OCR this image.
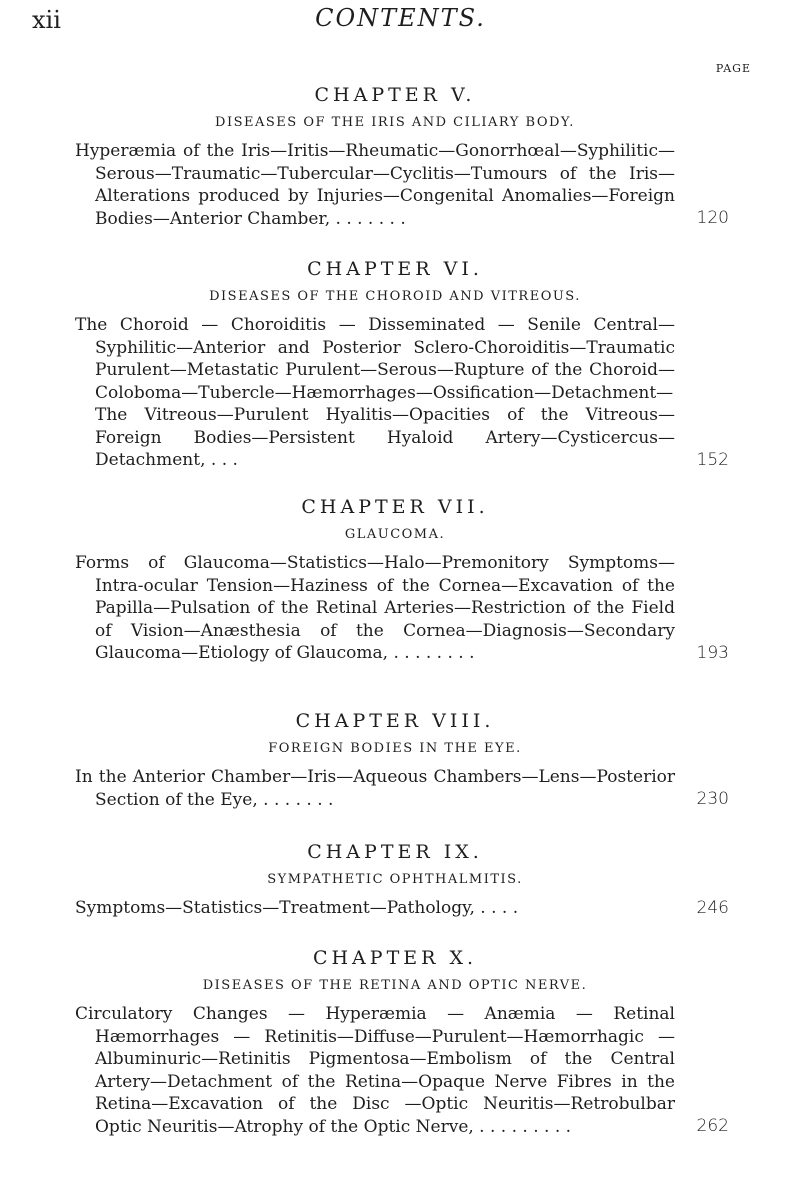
xii	CONTENTS.
PAGE
CHAPTER V.
DISEASES OF THE IRIS AND CILIARY BODY.
Hyperæmia of the Iris—Iritis—Rheumatic—Gonorrhœal—Syphilitic—Serous—Traumatic—Tubercular—Cyclitis—Tumours of the Iris—Alterations produced by Injuries—Congenital Anomalies—Foreign Bodies—Anterior Chamber, . . . . . . .	120
CHAPTER VI.
DISEASES OF THE CHOROID AND VITREOUS.
The Choroid — Choroiditis — Disseminated — Senile Central—Syphilitic—Anterior and Posterior Sclero-Choroiditis—Traumatic Purulent—Metastatic Purulent—Serous—Rupture of the Choroid—Coloboma—Tubercle—Hæmorrhages—Ossification—Detachment—The Vitreous—Purulent Hyalitis—Opacities of the Vitreous—Foreign Bodies—Persistent Hyaloid Artery—Cysticercus—Detachment, . . .	152
CHAPTER VII.
GLAUCOMA.
Forms of Glaucoma—Statistics—Halo—Premonitory Symptoms—Intra-ocular Tension—Haziness of the Cornea—Excavation of the Papilla—Pulsation of the Retinal Arteries—Restriction of the Field of Vision—Anæsthesia of the Cornea—Diagnosis—Secondary Glaucoma—Etiology of Glaucoma, . . . . . . . .	193
CHAPTER VIII.
FOREIGN BODIES IN THE EYE.
In the Anterior Chamber—Iris—Aqueous Chambers—Lens—Posterior Section of the Eye, . . . . . . .	230
CHAPTER IX.
SYMPATHETIC OPHTHALMITIS.
Symptoms—Statistics—Treatment—Pathology, . . . .	246
CHAPTER X.
DISEASES OF THE RETINA AND OPTIC NERVE.
Circulatory Changes — Hyperæmia — Anæmia — Retinal Hæmorrhages — Retinitis—Diffuse—Purulent—Hæmorrhagic —Albuminuric—Retinitis Pigmentosa—Embolism of the Central Artery—Detachment of the Retina—Opaque Nerve Fibres in the Retina—Excavation of the Disc —Optic Neuritis—Retrobulbar Optic Neuritis—Atrophy of the Optic Nerve, . . . . . . . . .	262
